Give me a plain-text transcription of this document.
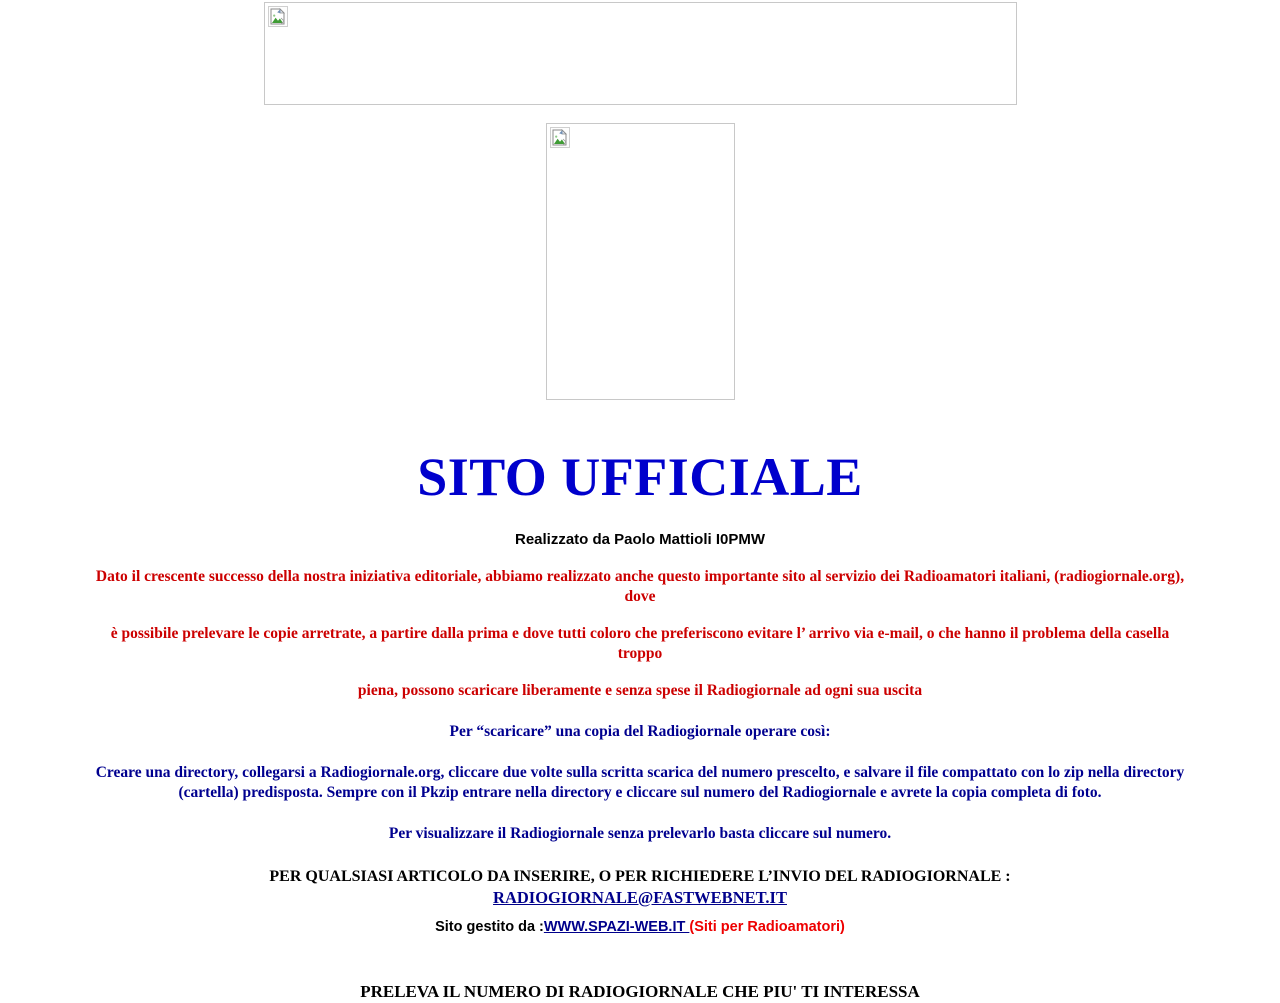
SITO UFFICIALE

Realizzato da Paolo Mattioli I0PMW

Dato il crescente successo della nostra iniziativa editoriale, abbiamo realizzato anche questo importante sito al servizio dei Radioamatori italiani, (radiogiornale.org), dove

è possibile prelevare le copie arretrate, a partire dalla prima e dove tutti coloro che preferiscono evitare l’ arrivo via e-mail, o che hanno il problema della casella troppo

piena, possono scaricare liberamente e senza spese il Radiogiornale ad ogni sua uscita

Per “scaricare” una copia del Radiogiornale operare così:

Creare una directory, collegarsi a Radiogiornale.org, cliccare due volte sulla scritta scarica del numero prescelto, e salvare il file compattato con lo zip nella directory (cartella) predisposta. Sempre con il Pkzip entrare nella directory e cliccare sul numero del Radiogiornale e avrete la copia completa di foto.

Per visualizzare il Radiogiornale senza prelevarlo basta cliccare sul numero.

PER QUALSIASI ARTICOLO DA INSERIRE, O PER RICHIEDERE L’INVIO DEL RADIOGIORNALE :

RADIOGIORNALE@FASTWEBNET.IT

Sito gestito da :WWW.SPAZI-WEB.IT (Siti per Radioamatori)

PRELEVA IL NUMERO DI RADIOGIORNALE CHE PIU' TI INTERESSA
